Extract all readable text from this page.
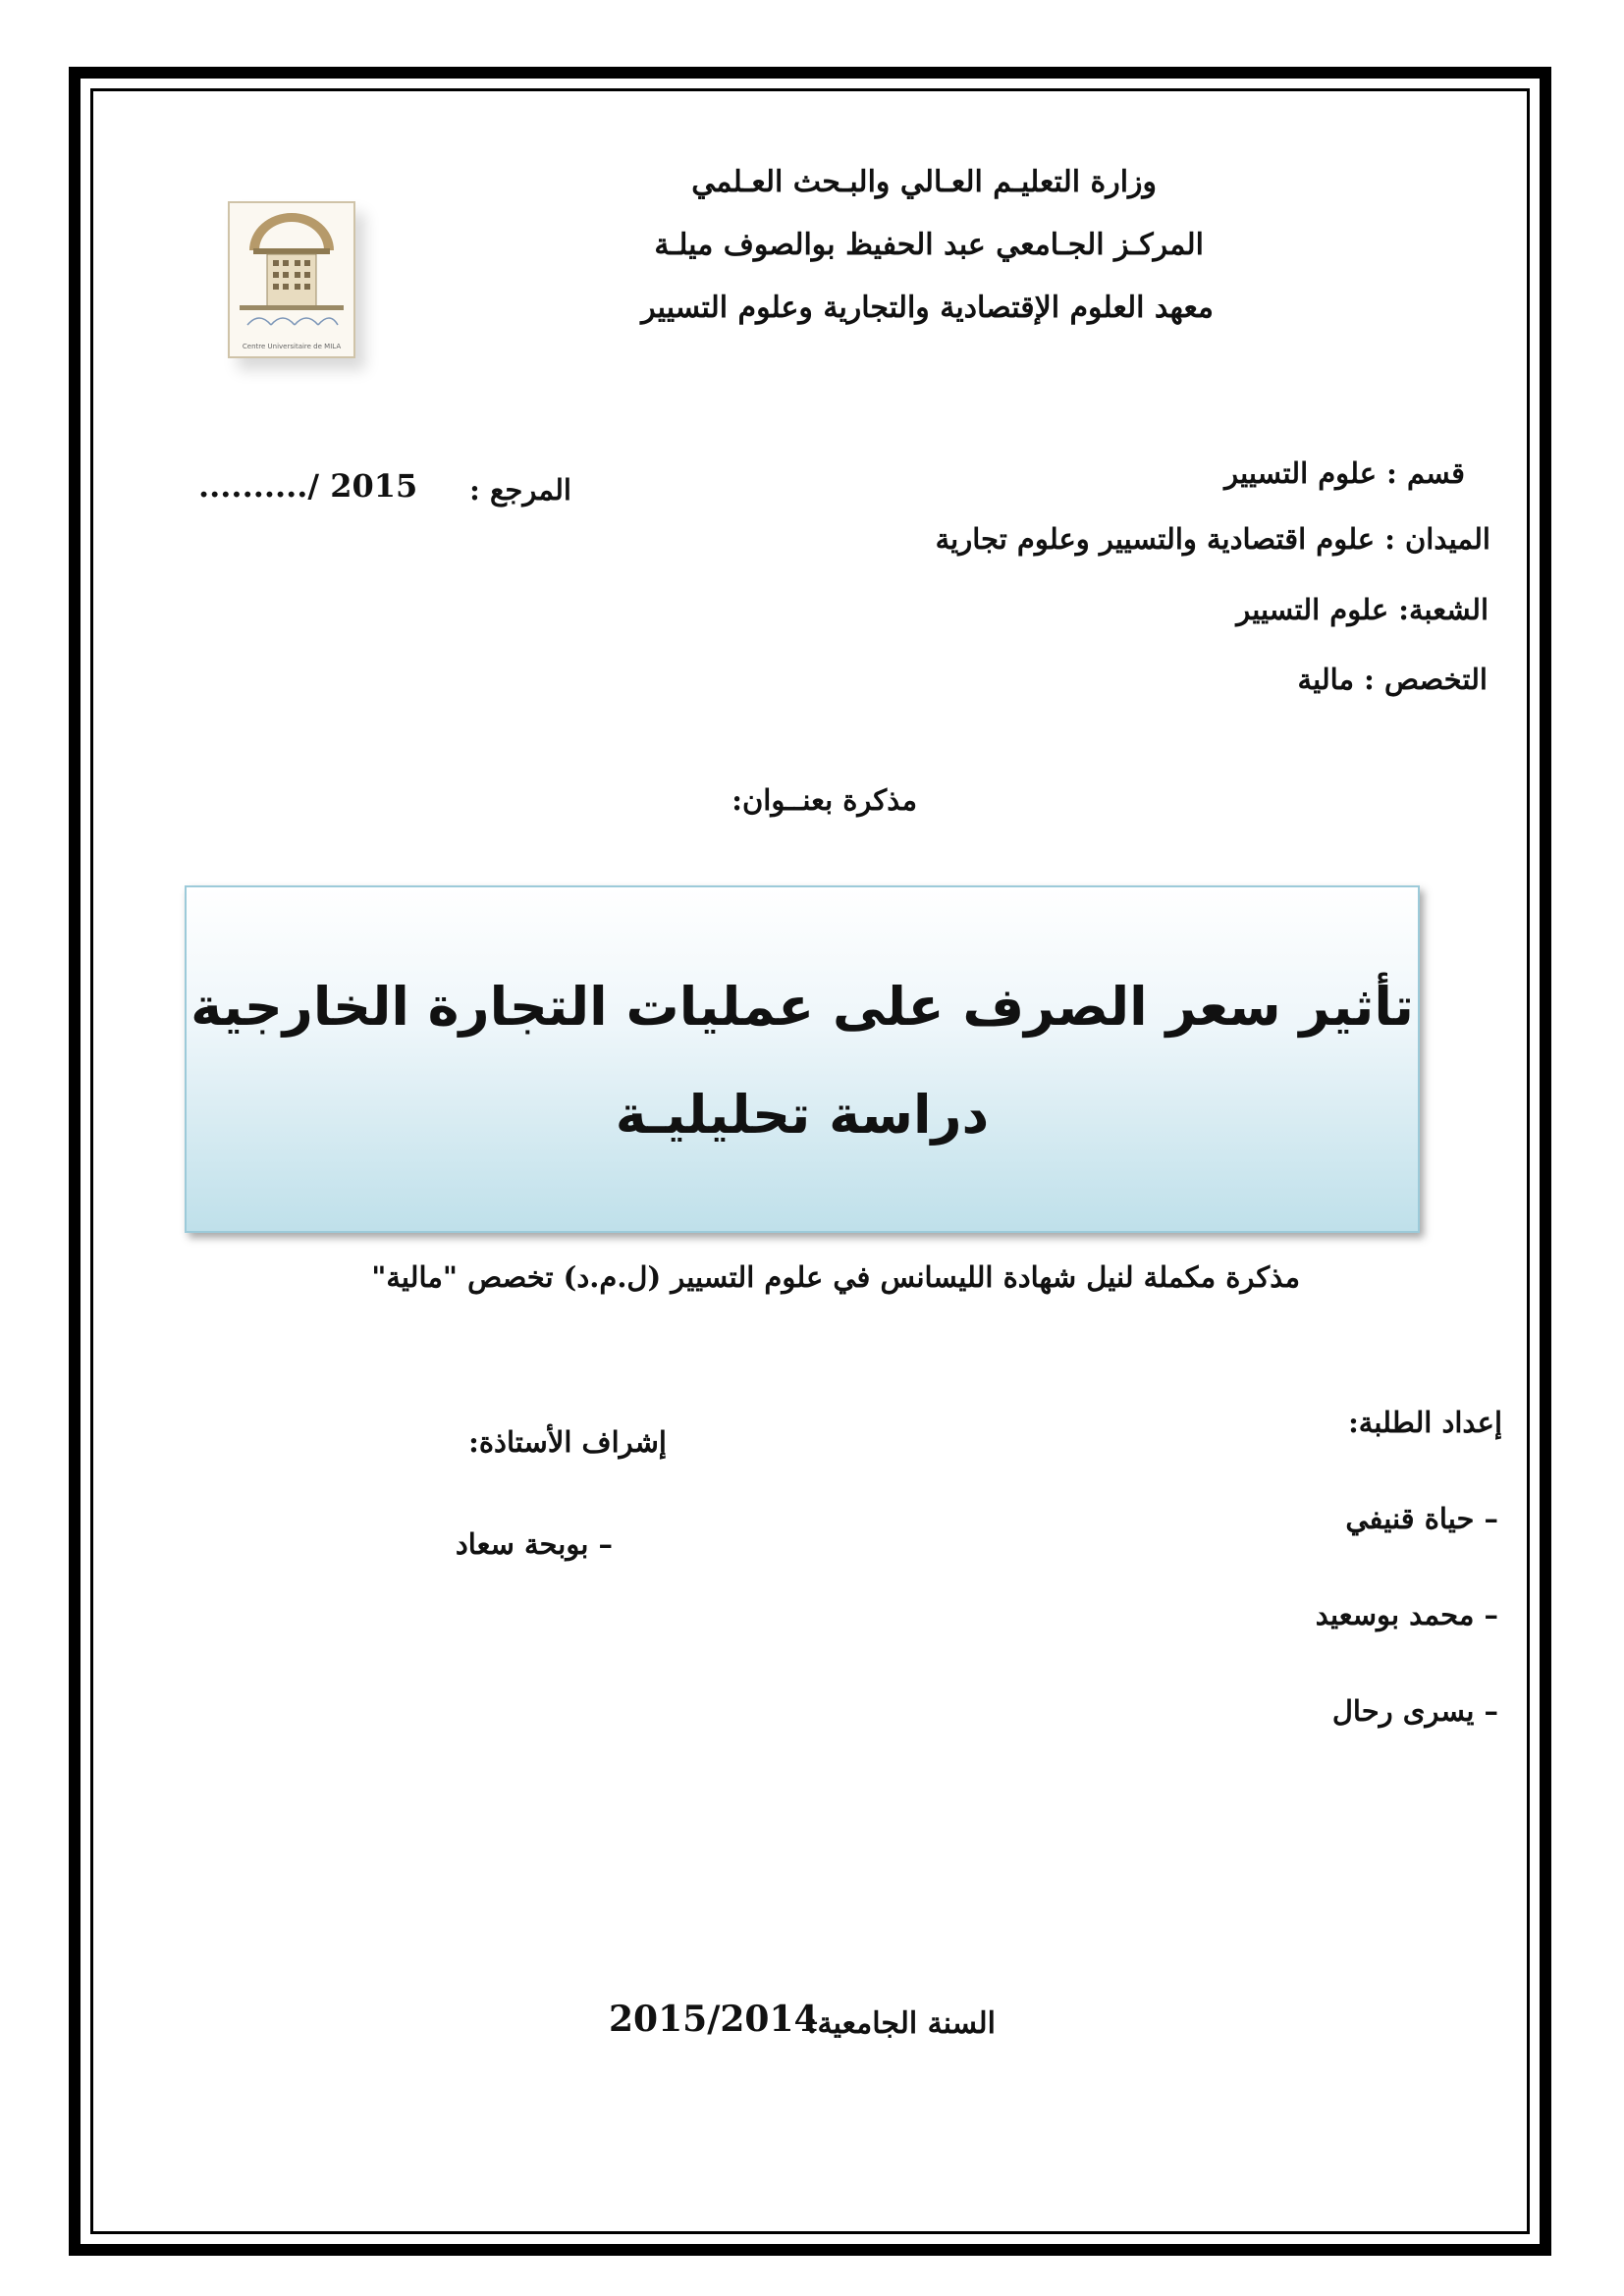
وزارة التعليـم العـالي والبـحث العـلمي
المركـز الجـامعي عبد الحفيظ بوالصوف ميلـة
معهد العلوم الإقتصادية والتجارية وعلوم التسيير
Centre Universitaire de MILA
قسم : علوم التسيير
الميدان : علوم اقتصادية والتسيير وعلوم تجارية
الشعبة: علوم التسيير
التخصص : مالية
المرجع :
........../ 2015
مذكرة بعنــوان:
تأثير سعر الصرف على عمليات التجارة الخارجية
دراسة تحليليـة
مذكرة مكملة لنيل شهادة الليسانس في علوم التسيير (ل.م.د) تخصص "مالية"
إعداد الطلبة:
– حياة قنيفي
– محمد بوسعيد
– يسرى رحال
إشراف الأستاذة:
– بوبحة سعاد
السنة الجامعية:
2015/2014
